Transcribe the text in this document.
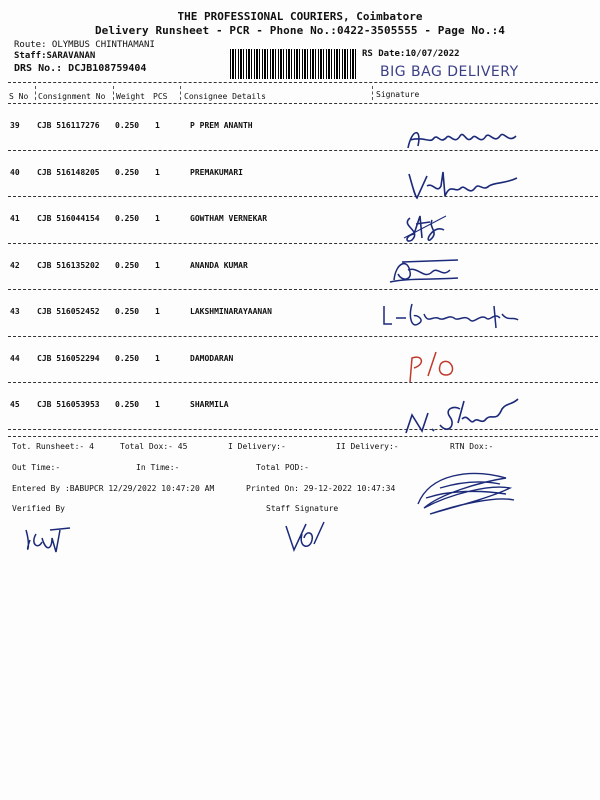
THE PROFESSIONAL COURIERS, Coimbatore
Delivery Runsheet - PCR - Phone No.:0422-3505555 - Page No.:4
Route: OLYMBUS CHINTHAMANI
Staff:SARAVANAN
DRS No.: DCJB108759404
RS Date:10/07/2022
BIG BAG DELIVERY
S No Consignment No Weight PCS Consignee Details	Signature
39 CJB 516117276 0.250 1	P PREM ANANTH
40 CJB 516148205 0.250 1	PREMAKUMARI
41 CJB 516044154 0.250 1	GOWTHAM VERNEKAR
42 CJB 516135202 0.250 1	ANANDA KUMAR
43 CJB 516052452 0.250 1	LAKSHMINARAYAANAN
44 CJB 516052294 0.250 1	DAMODARAN
45 CJB 516053953 0.250 1	SHARMILA
Tot. Runsheet:- 4	Total Dox:- 45	I Delivery:-	II Delivery:-	RTN Dox:-
Out Time:-	In Time:-	Total POD:-
Entered By :BABUPCR 12/29/2022 10:47:20 AM	Printed On: 29-12-2022 10:47:34
Verified By	Staff Signature
